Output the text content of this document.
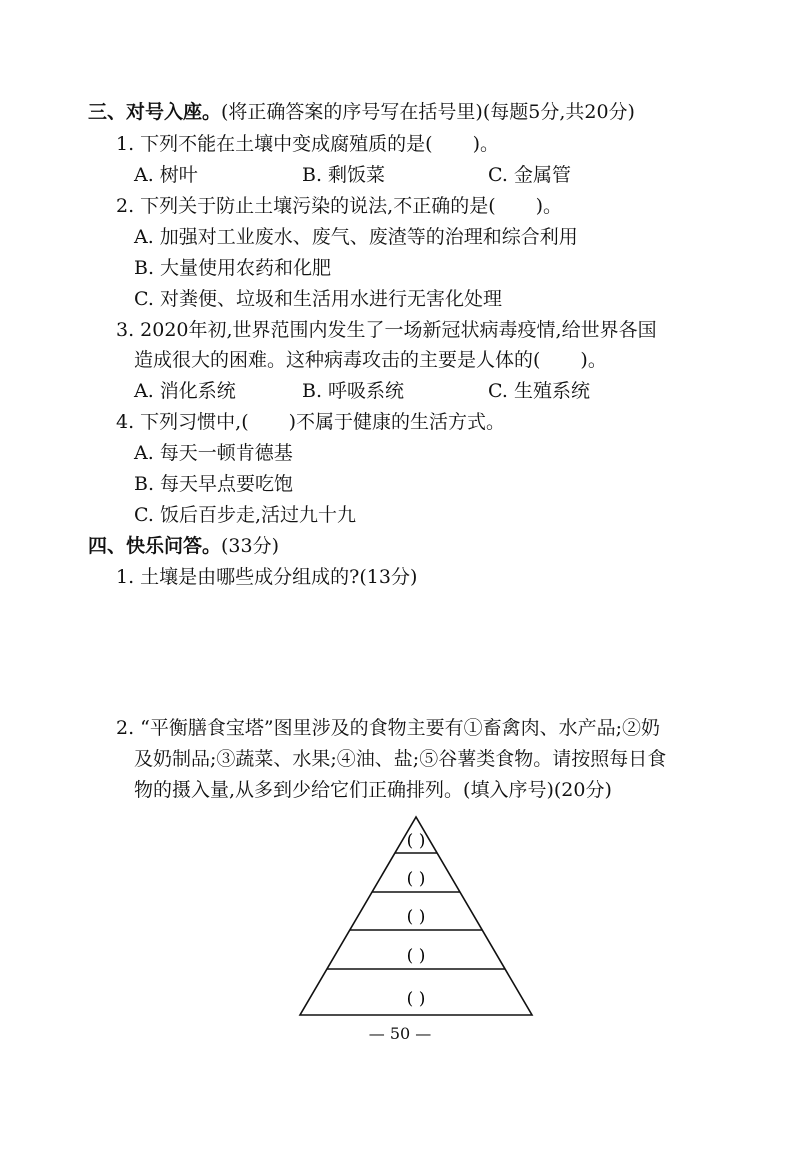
三、对号入座。(将正确答案的序号写在括号里)(每题5分,共20分)
1. 下列不能在土壤中变成腐殖质的是( )。
A. 树叶	B. 剩饭菜	C. 金属管
2. 下列关于防止土壤污染的说法,不正确的是( )。
A. 加强对工业废水、废气、废渣等的治理和综合利用
B. 大量使用农药和化肥
C. 对粪便、垃圾和生活用水进行无害化处理
3. 2020年初,世界范围内发生了一场新冠状病毒疫情,给世界各国
造成很大的困难。这种病毒攻击的主要是人体的( )。
A. 消化系统	B. 呼吸系统	C. 生殖系统
4. 下列习惯中,( )不属于健康的生活方式。
A. 每天一顿肯德基
B. 每天早点要吃饱
C. 饭后百步走,活过九十九
四、快乐问答。(33分)
1. 土壤是由哪些成分组成的?(13分)
2. “平衡膳食宝塔”图里涉及的食物主要有①畜禽肉、水产品;②奶
及奶制品;③蔬菜、水果;④油、盐;⑤谷薯类食物。请按照每日食
物的摄入量,从多到少给它们正确排列。(填入序号)(20分)
( )
( )
( )
( )
( )
— 50 —
